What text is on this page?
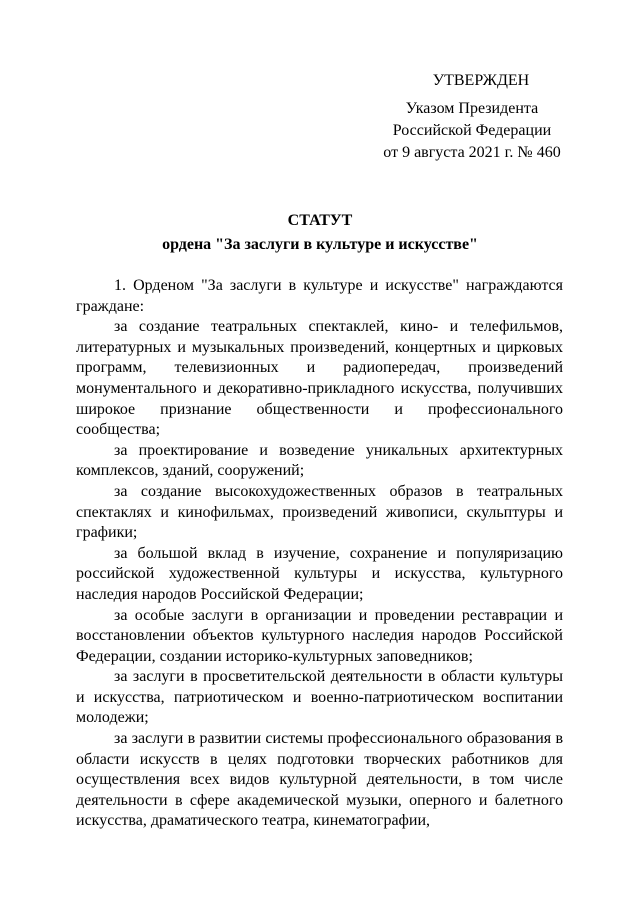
УТВЕРЖДЕН
Указом Президента
Российской Федерации
от 9 августа 2021 г. № 460
СТАТУТ
ордена "За заслуги в культуре и искусстве"

1. Орденом "За заслуги в культуре и искусстве" награждаются граждане:

за создание театральных спектаклей, кино- и телефильмов, литературных и музыкальных произведений, концертных и цирковых программ, телевизионных и радиопередач, произведений монументального и декоративно-прикладного искусства, получивших широкое признание общественности и профессионального сообщества;

за проектирование и возведение уникальных архитектурных комплексов, зданий, сооружений;

за создание высокохудожественных образов в театральных спектаклях и кинофильмах, произведений живописи, скульптуры и графики;

за большой вклад в изучение, сохранение и популяризацию российской художественной культуры и искусства, культурного наследия народов Российской Федерации;

за особые заслуги в организации и проведении реставрации и восстановлении объектов культурного наследия народов Российской Федерации, создании историко-культурных заповедников;

за заслуги в просветительской деятельности в области культуры и искусства, патриотическом и военно-патриотическом воспитании молодежи;

за заслуги в развитии системы профессионального образования в области искусств в целях подготовки творческих работников для осуществления всех видов культурной деятельности, в том числе деятельности в сфере академической музыки, оперного и балетного искусства, драматического театра, кинематографии,
